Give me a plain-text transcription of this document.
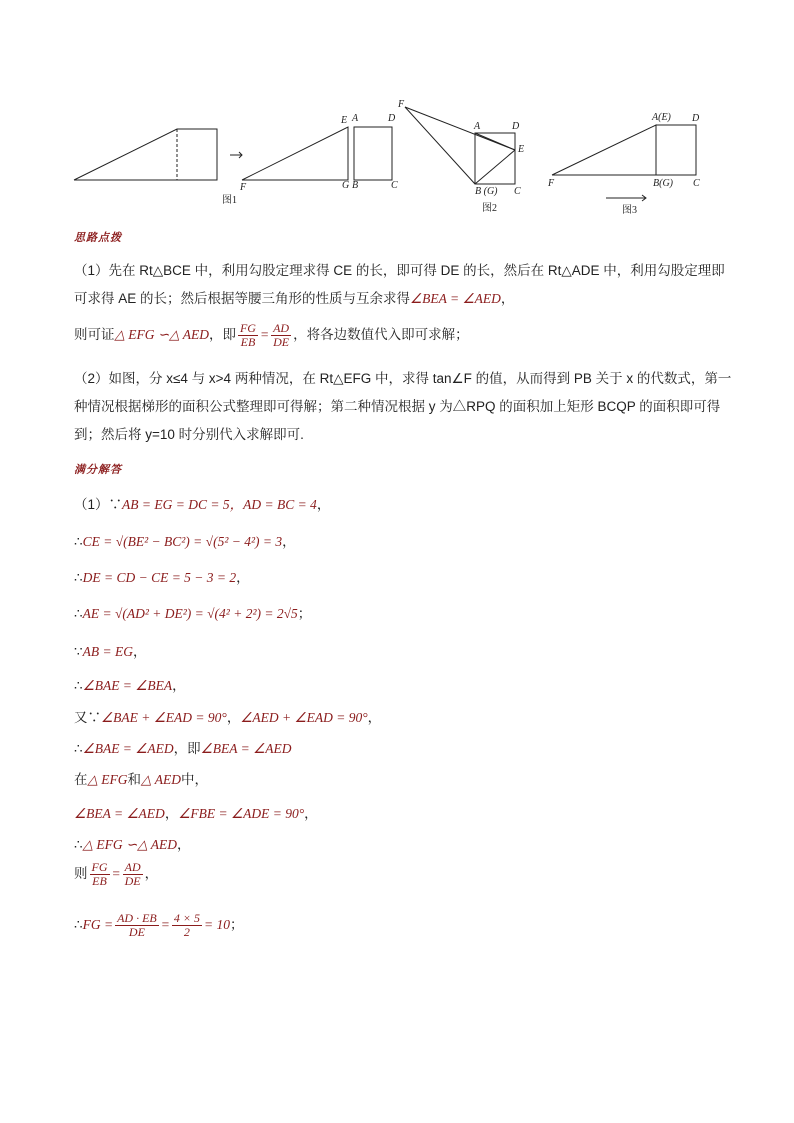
E A	D
F	G B	C
图1
F
A	D
E
B (G) C
图2
A(E) D
F	B(G) C
图3
思路点拨
（1）先在 Rt△BCE 中，利用勾股定理求得 CE 的长，即可得 DE 的长，然后在 Rt△ADE 中，利用勾股定理即可求得 AE 的长；然后根据等腰三角形的性质与互余求得∠BEA = ∠AED，
则可证△ EFG ∽△ AED，即 $\frac{FG}{EB} = \frac{AD}{DE}$ ，将各边数值代入即可求解；
（2）如图，分 x≤4 与 x>4 两种情况，在 Rt△EFG 中，求得 tan∠F 的值，从而得到 PB 关于 x 的代数式，第一种情况根据梯形的面积公式整理即可得解；第二种情况根据 y 为△RPQ 的面积加上矩形 BCQP 的面积即可得到；然后将 y=10 时分别代入求解即可.
满分解答
（1）∵AB = EG = DC = 5，AD = BC = 4，
∴CE = √(BE² − BC²) = √(5² − 4²) = 3，
∴DE = CD − CE = 5 − 3 = 2，
∴AE = √(AD² + DE²) = √(4² + 2²) = 2√5；
∵AB = EG，
∴∠BAE = ∠BEA，
又∵∠BAE + ∠EAD = 90°，∠AED + ∠EAD = 90°，
∴∠BAE = ∠AED，即∠BEA = ∠AED
在△ EFG和△ AED中，
∠BEA = ∠AED，∠FBE = ∠ADE = 90°，
∴△ EFG ∽△ AED，
则 $\frac{FG}{EB} = \frac{AD}{DE}$ ，
∴FG = $\frac{AD \cdot EB}{DE} = \frac{4 \times 5}{2} = 10$；
